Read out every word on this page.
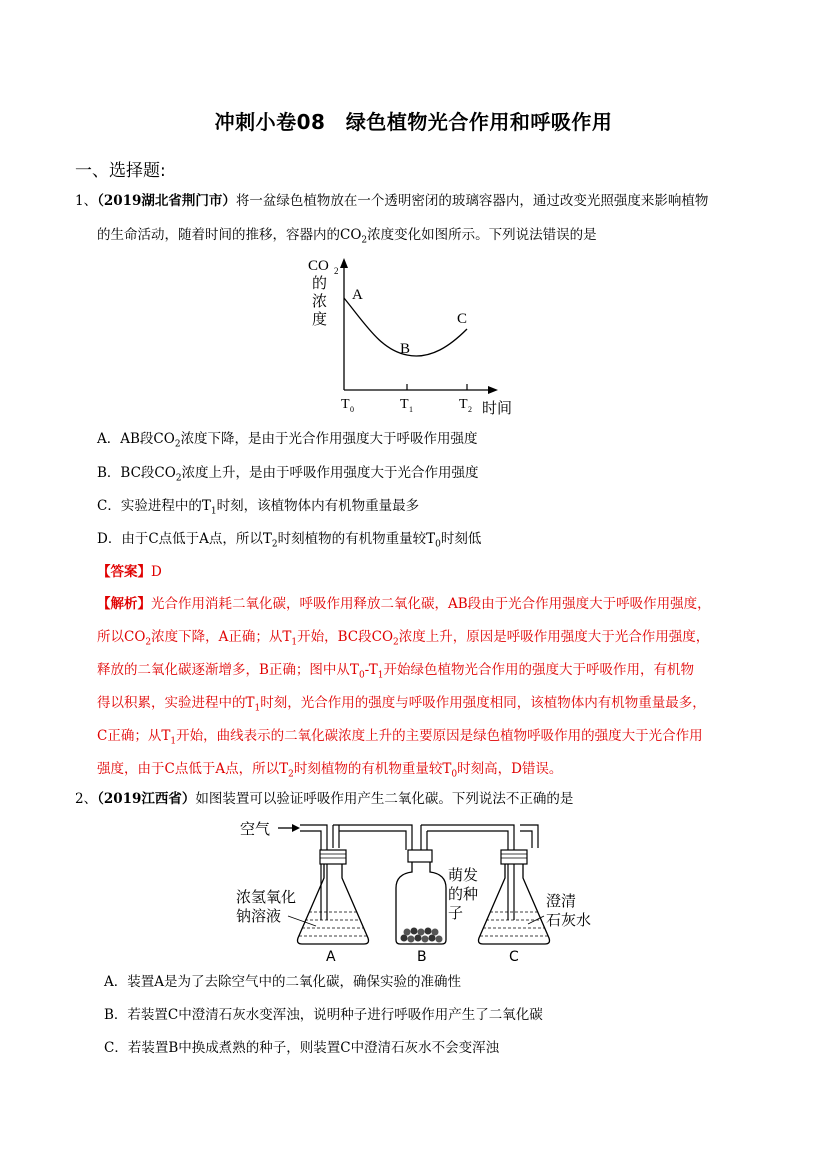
冲刺小卷08　绿色植物光合作用和呼吸作用
一、选择题:
1、（2019湖北省荆门市）将一盆绿色植物放在一个透明密闭的玻璃容器内，通过改变光照强度来影响植物
的生命活动，随着时间的推移，容器内的$CO_2$浓度变化如图所示。下列说法错误的是
CO 2
的
浓
度
A
B
C
T 0	T 1	T 2 时间
A．AB段$CO_2$浓度下降，是由于光合作用强度大于呼吸作用强度
B．BC段$CO_2$浓度上升，是由于呼吸作用强度大于光合作用强度
C．实验进程中的$T_1$时刻，该植物体内有机物重量最多
D．由于C点低于A点，所以$T_2$时刻植物的有机物重量较$T_0$时刻低
【答案】D
【解析】光合作用消耗二氧化碳，呼吸作用释放二氧化碳，AB段由于光合作用强度大于呼吸作用强度，
所以$CO_2$浓度下降，A正确；从$T_1$开始，BC段$CO_2$浓度上升，原因是呼吸作用强度大于光合作用强度，
释放的二氧化碳逐渐增多，B正确；图中从$T_0-T_1$开始绿色植物光合作用的强度大于呼吸作用，有机物
得以积累，实验进程中的$T_1$时刻，光合作用的强度与呼吸作用强度相同，该植物体内有机物重量最多，
C正确；从$T_1$开始，曲线表示的二氧化碳浓度上升的主要原因是绿色植物呼吸作用的强度大于光合作用
强度，由于C点低于A点，所以$T_2$时刻植物的有机物重量较$T_0$时刻高，D错误。
2、（2019江西省）如图装置可以验证呼吸作用产生二氧化碳。下列说法不正确的是
空气
浓氢氧化
钠溶液
A
萌发
的种
子
B
澄清
石灰水
C
A．装置A是为了去除空气中的二氧化碳，确保实验的准确性
B．若装置C中澄清石灰水变浑浊，说明种子进行呼吸作用产生了二氧化碳
C．若装置B中换成煮熟的种子，则装置C中澄清石灰水不会变浑浊
